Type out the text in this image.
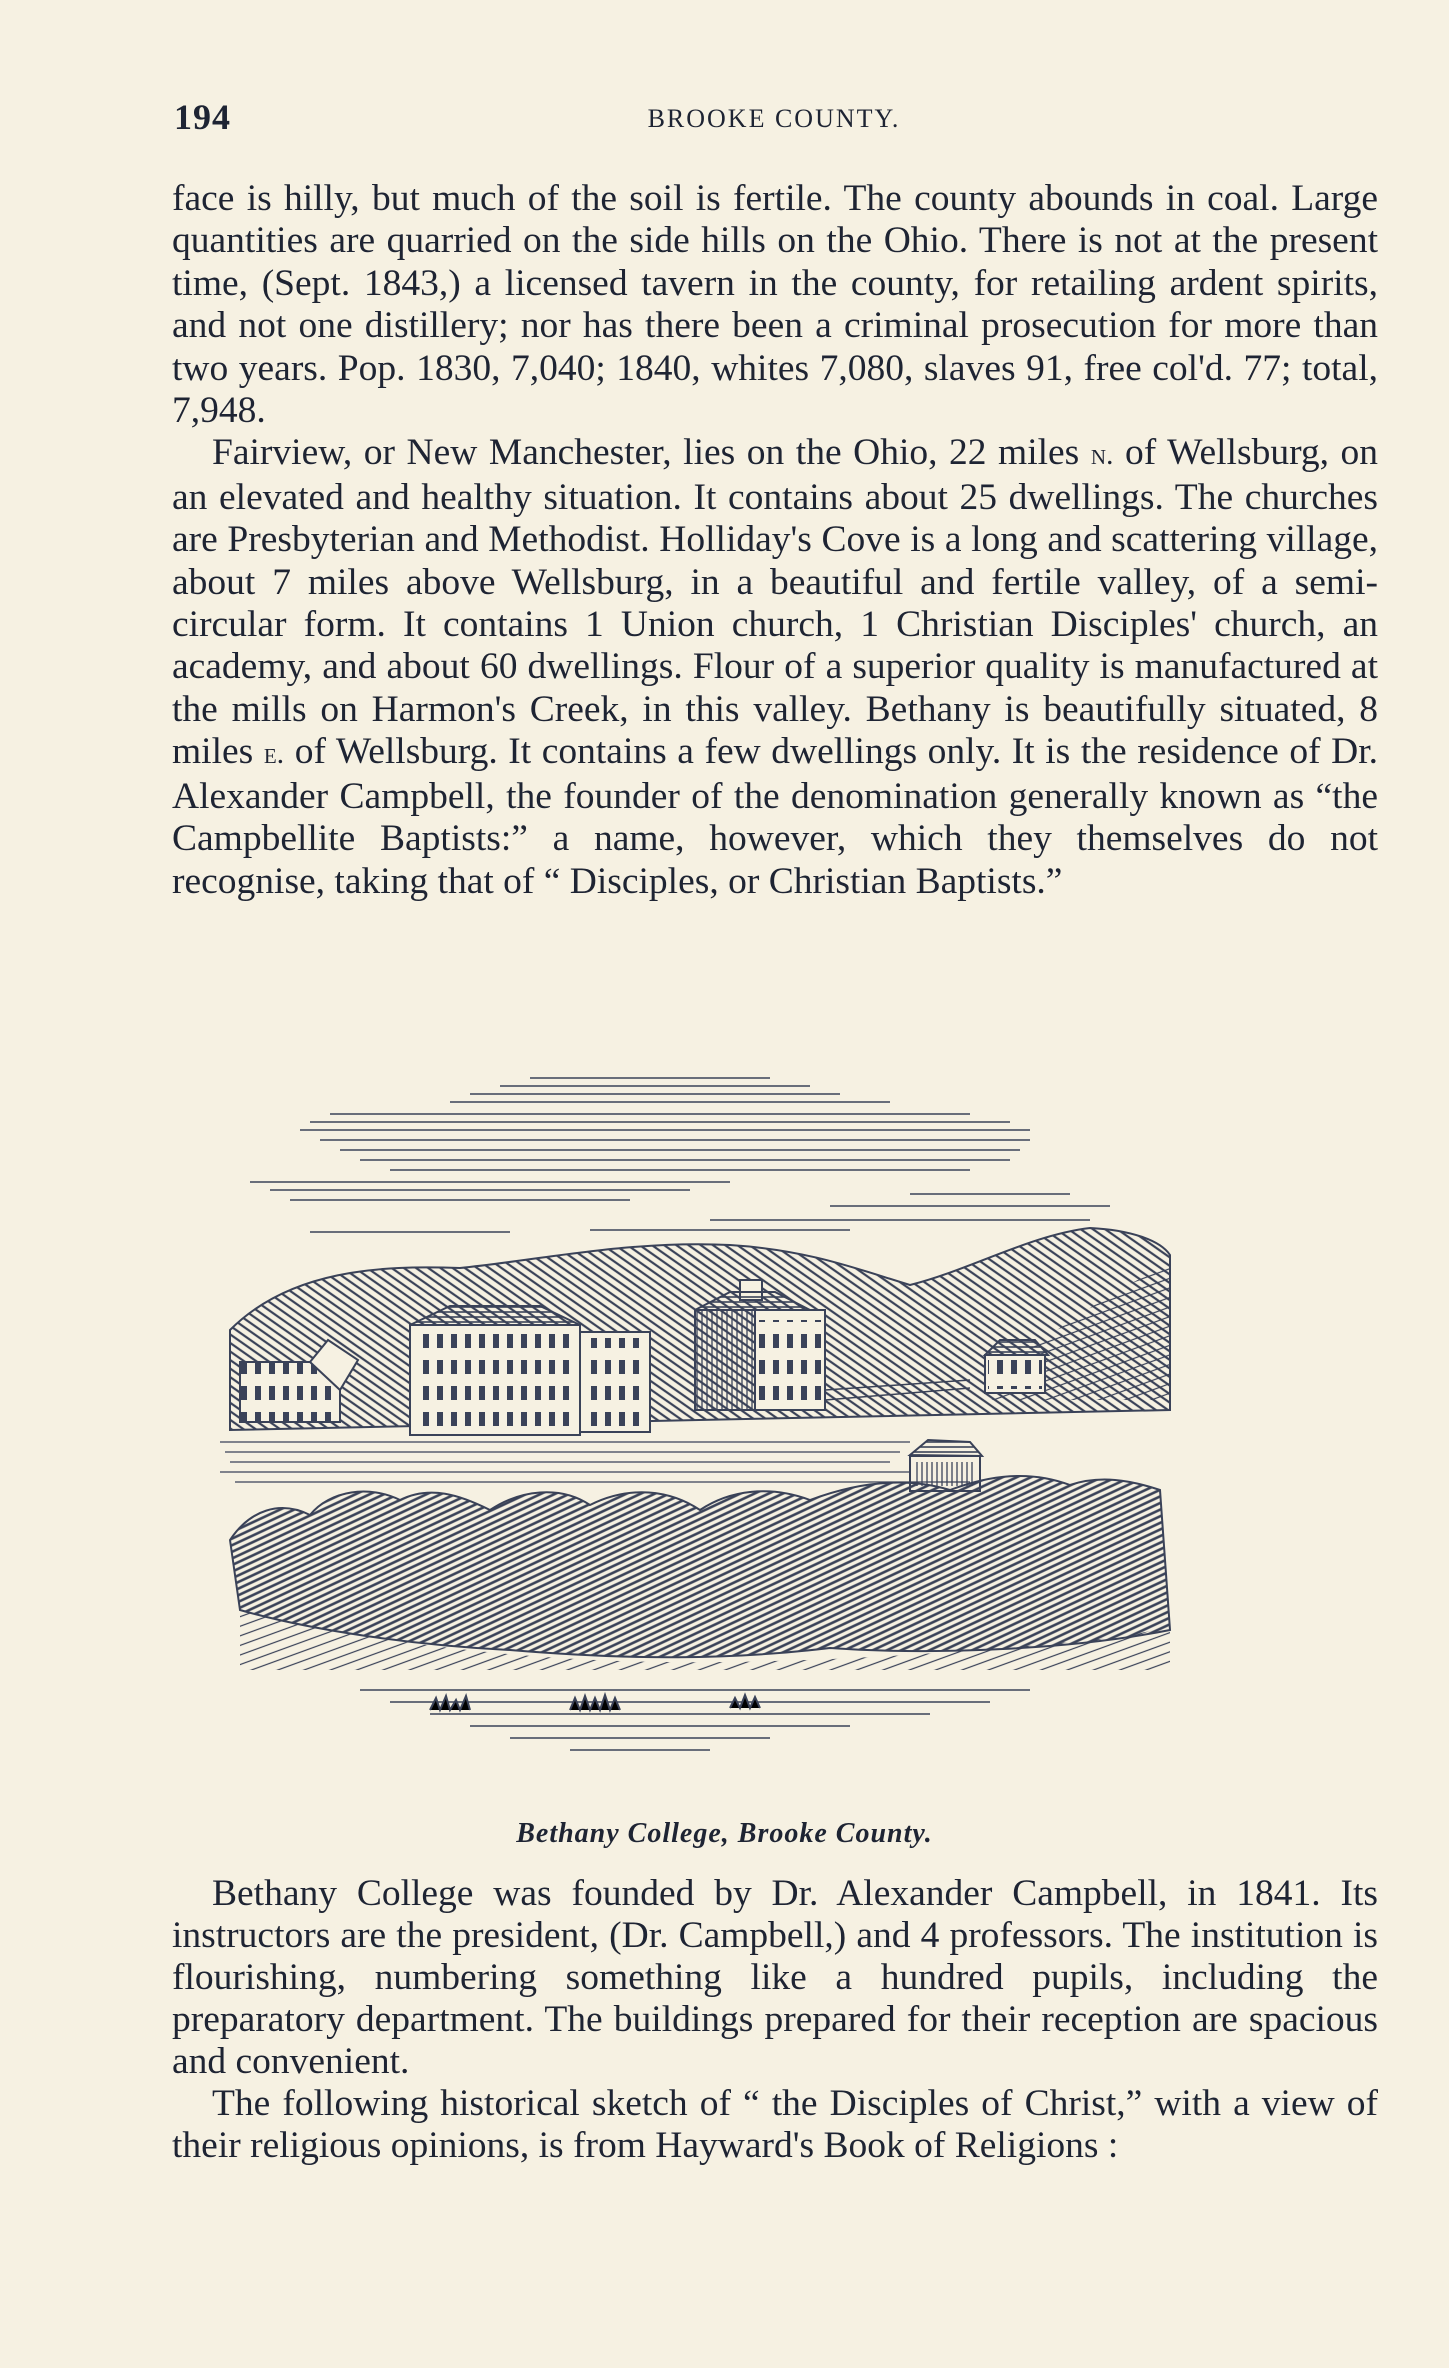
194	BROOKE COUNTY.

face is hilly, but much of the soil is fertile. The county abounds in coal. Large quantities are quarried on the side hills on the Ohio. There is not at the present time, (Sept. 1843,) a licensed tavern in the county, for retailing ardent spirits, and not one distillery; nor has there been a criminal prosecution for more than two years. Pop. 1830, 7,040; 1840, whites 7,080, slaves 91, free col'd. 77; total, 7,948.

Fairview, or New Manchester, lies on the Ohio, 22 miles n. of Wellsburg, on an elevated and healthy situation. It contains about 25 dwellings. The churches are Presbyterian and Methodist. Holliday's Cove is a long and scattering village, about 7 miles above Wellsburg, in a beautiful and fertile valley, of a semi-circular form. It contains 1 Union church, 1 Christian Disciples' church, an academy, and about 60 dwellings. Flour of a superior quality is manufactured at the mills on Harmon's Creek, in this valley. Bethany is beautifully situated, 8 miles e. of Wellsburg. It contains a few dwellings only. It is the residence of Dr. Alexander Campbell, the founder of the denomination generally known as “the Campbellite Baptists:” a name, however, which they themselves do not recognise, taking that of “ Disciples, or Christian Baptists.”

Bethany College, Brooke County.

Bethany College was founded by Dr. Alexander Campbell, in 1841. Its instructors are the president, (Dr. Campbell,) and 4 professors. The institution is flourishing, numbering something like a hundred pupils, including the preparatory department. The buildings prepared for their reception are spacious and convenient.

The following historical sketch of “ the Disciples of Christ,” with a view of their religious opinions, is from Hayward's Book of Religions :
